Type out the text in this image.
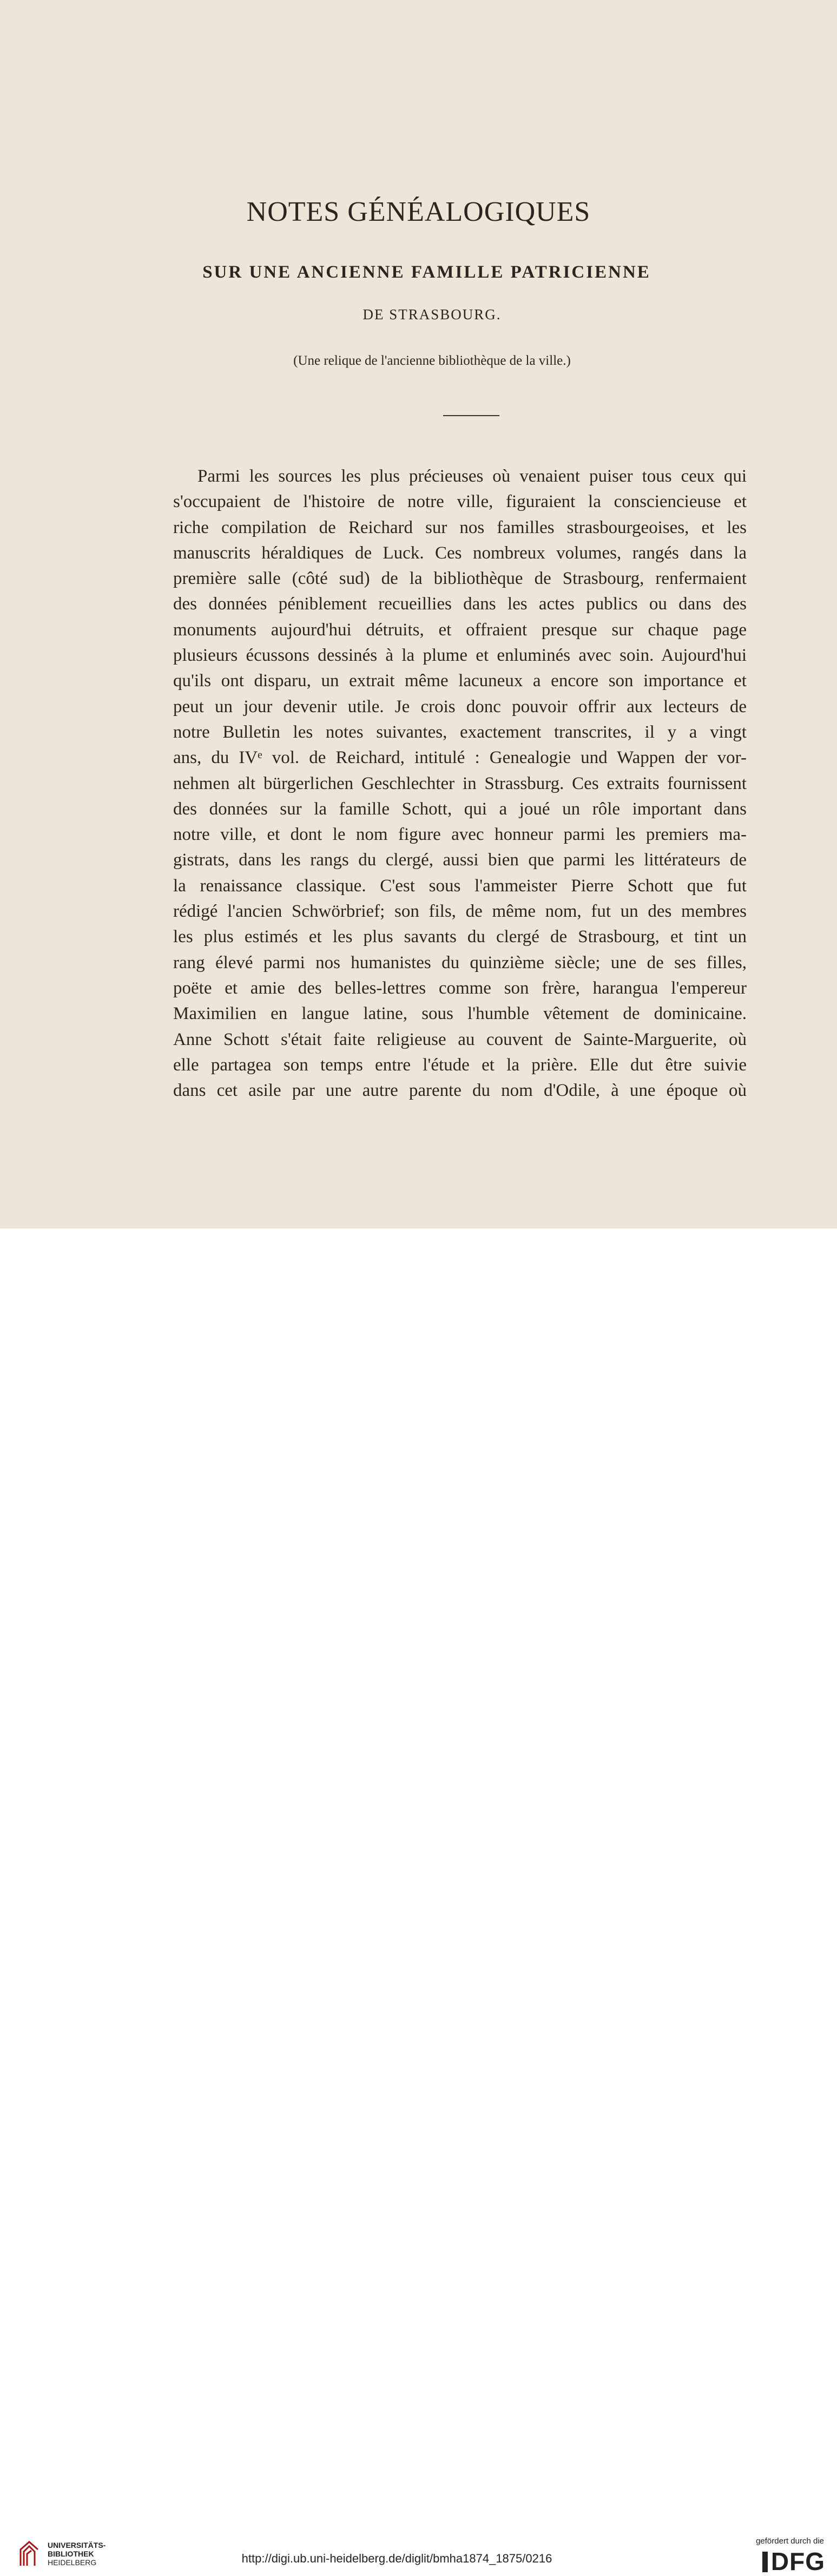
NOTES GÉNÉALOGIQUES
SUR UNE ANCIENNE FAMILLE PATRICIENNE
DE STRASBOURG.
(Une relique de l'ancienne bibliothèque de la ville.)
Parmi les sources les plus précieuses où venaient puiser tous ceux qui
s'occupaient de l'histoire de notre ville, figuraient la consciencieuse et
riche compilation de Reichard sur nos familles strasbourgeoises, et les
manuscrits héraldiques de Luck. Ces nombreux volumes, rangés dans la
première salle (côté sud) de la bibliothèque de Strasbourg, renfermaient
des données péniblement recueillies dans les actes publics ou dans des
monuments aujourd'hui détruits, et offraient presque sur chaque page
plusieurs écussons dessinés à la plume et enluminés avec soin. Aujourd'hui
qu'ils ont disparu, un extrait même lacuneux a encore son importance et
peut un jour devenir utile. Je crois donc pouvoir offrir aux lecteurs de
notre Bulletin les notes suivantes, exactement transcrites, il y a vingt
ans, du IVᵉ vol. de Reichard, intitulé : Genealogie und Wappen der vor-
nehmen alt bürgerlichen Geschlechter in Strassburg. Ces extraits fournissent
des données sur la famille Schott, qui a joué un rôle important dans
notre ville, et dont le nom figure avec honneur parmi les premiers ma-
gistrats, dans les rangs du clergé, aussi bien que parmi les littérateurs de
la renaissance classique. C'est sous l'ammeister Pierre Schott que fut
rédigé l'ancien Schwörbrief; son fils, de même nom, fut un des membres
les plus estimés et les plus savants du clergé de Strasbourg, et tint un
rang élevé parmi nos humanistes du quinzième siècle; une de ses filles,
poëte et amie des belles-lettres comme son frère, harangua l'empereur
Maximilien en langue latine, sous l'humble vêtement de dominicaine.
Anne Schott s'était faite religieuse au couvent de Sainte-Marguerite, où
elle partagea son temps entre l'étude et la prière. Elle dut être suivie
dans cet asile par une autre parente du nom d'Odile, à une époque où
UNIVERSITÄTS-
BIBLIOTHEK
HEIDELBERG	http://digi.ub.uni-heidelberg.de/diglit/bmha1874_1875/0216
gefördert durch die
DFG
